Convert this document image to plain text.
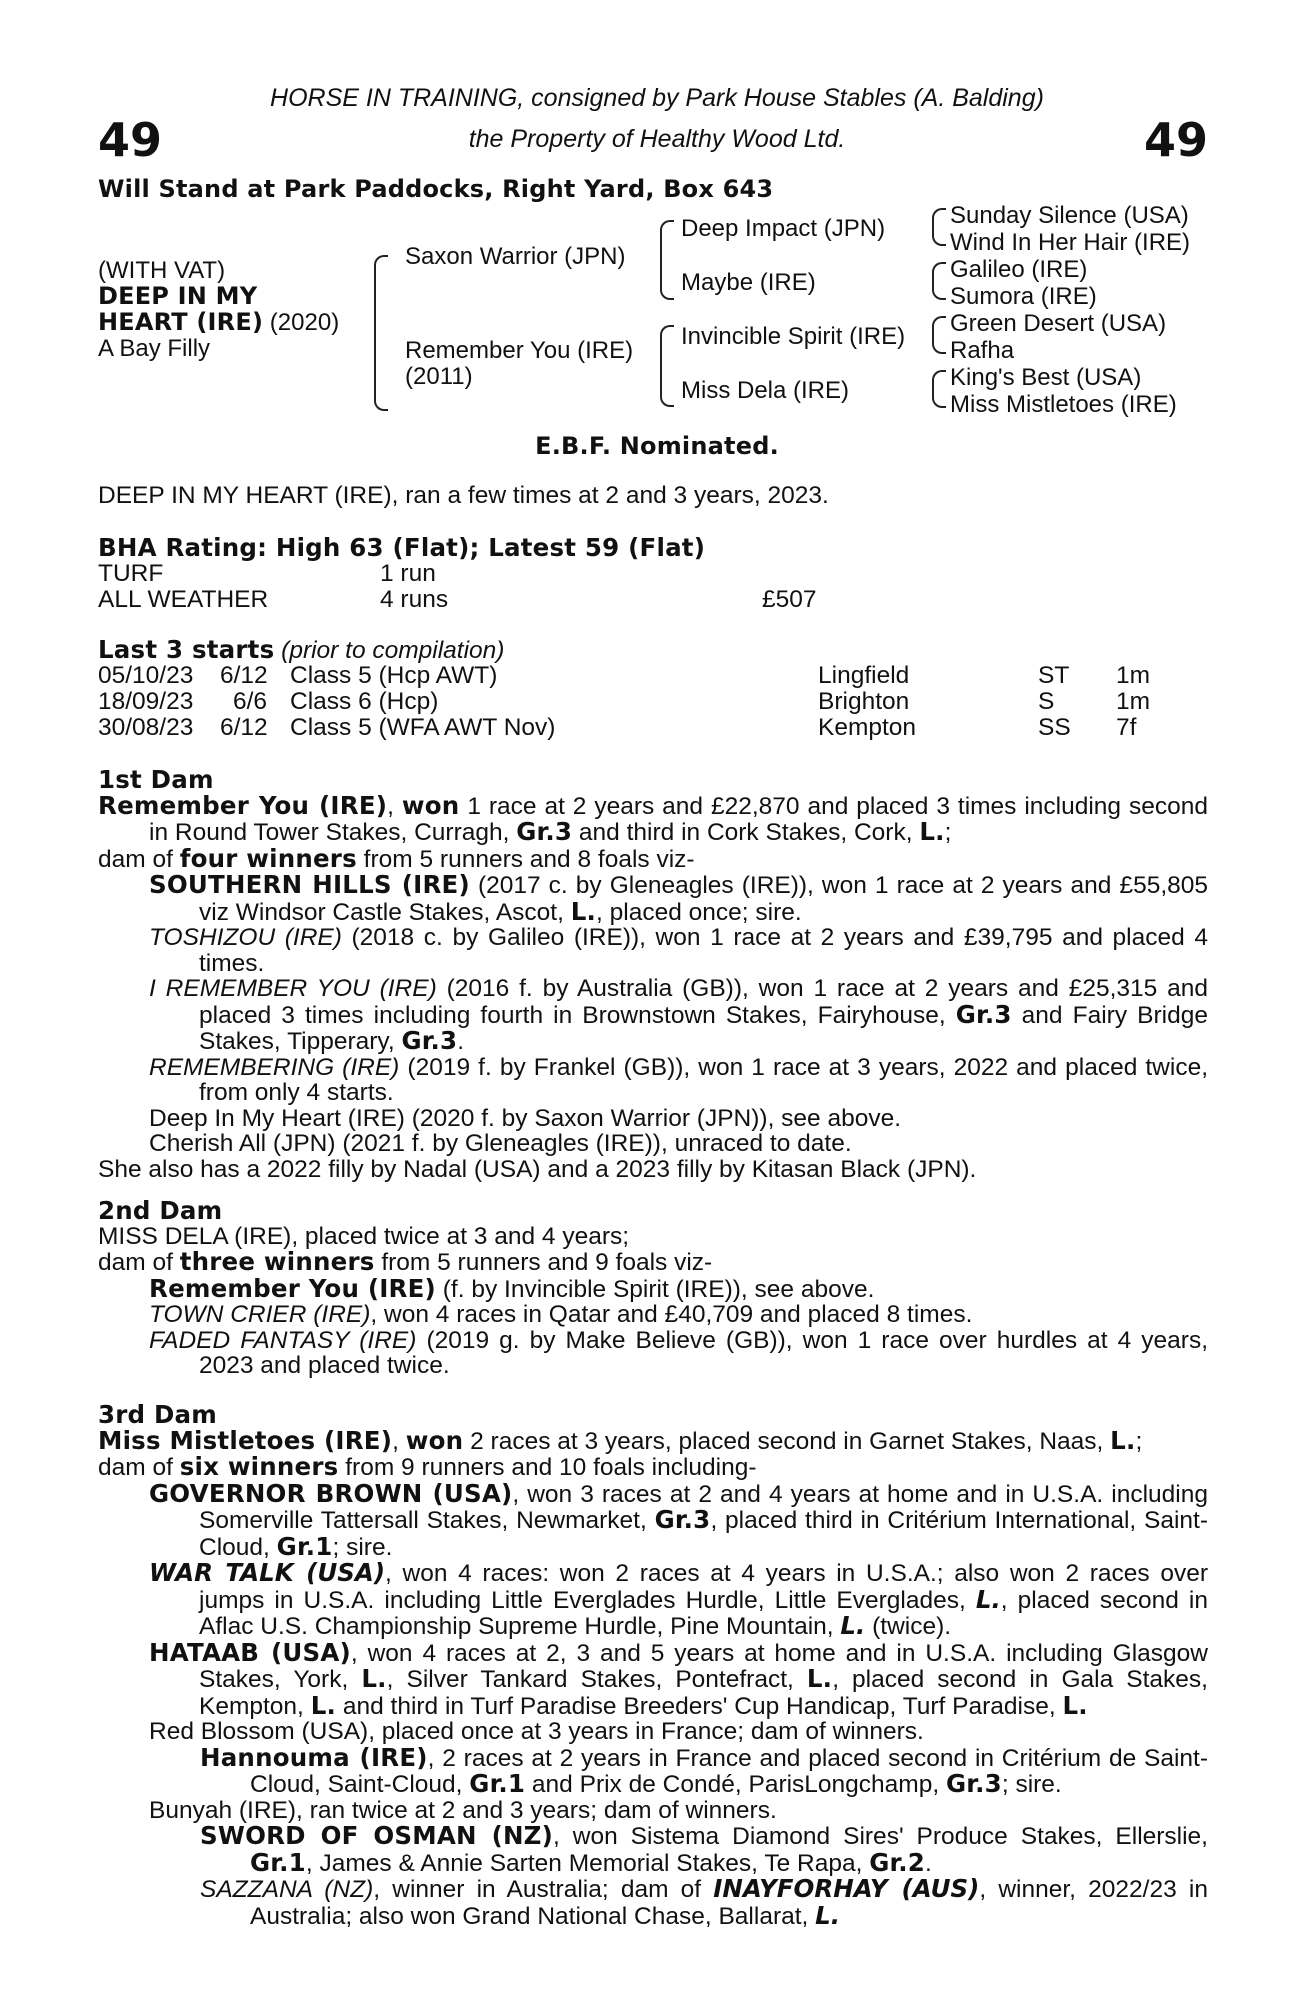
49	49
HORSE IN TRAINING, consigned by Park House Stables (A. Balding)
the Property of Healthy Wood Ltd.
Will Stand at Park Paddocks, Right Yard, Box 643
(WITH VAT)
DEEP IN MY
HEART (IRE) (2020)
A Bay Filly
Saxon Warrior (JPN)
Remember You (IRE)
(2011)
Deep Impact (JPN)
Maybe (IRE)
Invincible Spirit (IRE)
Miss Dela (IRE)
Sunday Silence (USA)
Wind In Her Hair (IRE)
Galileo (IRE)
Sumora (IRE)
Green Desert (USA)
Rafha
King's Best (USA)
Miss Mistletoes (IRE)
E.B.F. Nominated.
DEEP IN MY HEART (IRE), ran a few times at 2 and 3 years, 2023.
BHA Rating: High 63 (Flat); Latest 59 (Flat)
TURF	1 run
ALL WEATHER	4 runs	£507
Last 3 starts (prior to compilation)
05/10/23 6/12 Class 5 (Hcp AWT)	Lingfield	ST 1m
18/09/23 6/6 Class 6 (Hcp)	Brighton	S	1m
30/08/23 6/12 Class 5 (WFA AWT Nov)	Kempton	SS 7f

1st Dam

Remember You (IRE), won 1 race at 2 years and £22,870 and placed 3 times including second in Round Tower Stakes, Curragh, Gr.3 and third in Cork Stakes, Cork, L.;

dam of four winners from 5 runners and 8 foals viz-

SOUTHERN HILLS (IRE) (2017 c. by Gleneagles (IRE)), won 1 race at 2 years and £55,805 viz Windsor Castle Stakes, Ascot, L., placed once; sire.

TOSHIZOU (IRE) (2018 c. by Galileo (IRE)), won 1 race at 2 years and £39,795 and placed 4 times.

I REMEMBER YOU (IRE) (2016 f. by Australia (GB)), won 1 race at 2 years and £25,315 and placed 3 times including fourth in Brownstown Stakes, Fairyhouse, Gr.3 and Fairy Bridge Stakes, Tipperary, Gr.3.

REMEMBERING (IRE) (2019 f. by Frankel (GB)), won 1 race at 3 years, 2022 and placed twice, from only 4 starts.

Deep In My Heart (IRE) (2020 f. by Saxon Warrior (JPN)), see above.

Cherish All (JPN) (2021 f. by Gleneagles (IRE)), unraced to date.

She also has a 2022 filly by Nadal (USA) and a 2023 filly by Kitasan Black (JPN).

2nd Dam

MISS DELA (IRE), placed twice at 3 and 4 years;

dam of three winners from 5 runners and 9 foals viz-

Remember You (IRE) (f. by Invincible Spirit (IRE)), see above.

TOWN CRIER (IRE), won 4 races in Qatar and £40,709 and placed 8 times.

FADED FANTASY (IRE) (2019 g. by Make Believe (GB)), won 1 race over hurdles at 4 years, 2023 and placed twice.

3rd Dam

Miss Mistletoes (IRE), won 2 races at 3 years, placed second in Garnet Stakes, Naas, L.;

dam of six winners from 9 runners and 10 foals including-

GOVERNOR BROWN (USA), won 3 races at 2 and 4 years at home and in U.S.A. including Somerville Tattersall Stakes, Newmarket, Gr.3, placed third in Critérium International, Saint-Cloud, Gr.1; sire.

WAR TALK (USA), won 4 races: won 2 races at 4 years in U.S.A.; also won 2 races over jumps in U.S.A. including Little Everglades Hurdle, Little Everglades, L., placed second in Aflac U.S. Championship Supreme Hurdle, Pine Mountain, L. (twice).

HATAAB (USA), won 4 races at 2, 3 and 5 years at home and in U.S.A. including Glasgow Stakes, York, L., Silver Tankard Stakes, Pontefract, L., placed second in Gala Stakes, Kempton, L. and third in Turf Paradise Breeders' Cup Handicap, Turf Paradise, L.

Red Blossom (USA), placed once at 3 years in France; dam of winners.

Hannouma (IRE), 2 races at 2 years in France and placed second in Critérium de Saint-Cloud, Saint-Cloud, Gr.1 and Prix de Condé, ParisLongchamp, Gr.3; sire.

Bunyah (IRE), ran twice at 2 and 3 years; dam of winners.

SWORD OF OSMAN (NZ), won Sistema Diamond Sires' Produce Stakes, Ellerslie, Gr.1, James & Annie Sarten Memorial Stakes, Te Rapa, Gr.2.

SAZZANA (NZ), winner in Australia; dam of INAYFORHAY (AUS), winner, 2022/23 in Australia; also won Grand National Chase, Ballarat, L.
